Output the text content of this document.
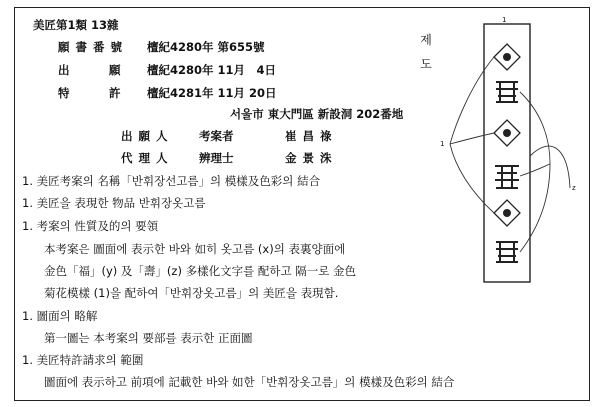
美匠第1類 13雜
願書番號 檀紀4280年 第655號
出　願 檀紀4280年 11月　4日
特　許 檀紀4281年 11月 20日
서울市 東大門區 新設洞 202番地
出願人 考案者	崔昌祿
代理人 辨理士	金景洙
제
도
1
1
z
1. 美匠考案의 名稱「반휘장선고름」의 模樣及色彩의 結合
1. 美匠을 表現한 物品 반휘장옷고름
1. 考案의 性質及的의 要領
本考案은 圖面에 表示한 바와 如히 옷고름 (x)의 表裏양面에
金色「福」(y) 及「壽」(z) 多樣化文字를 配하고 隔一로 金色
菊花模樣 (1)을 配하여「반휘장옷고름」의 美匠을 表現함.
1. 圖面의 略解
第一圖는 本考案의 要部를 表示한 正面圖
1. 美匠特許請求의 範圍
圖面에 表示하고 前項에 記載한 바와 如한「반휘장옷고름」의 模樣及色彩의 結合
